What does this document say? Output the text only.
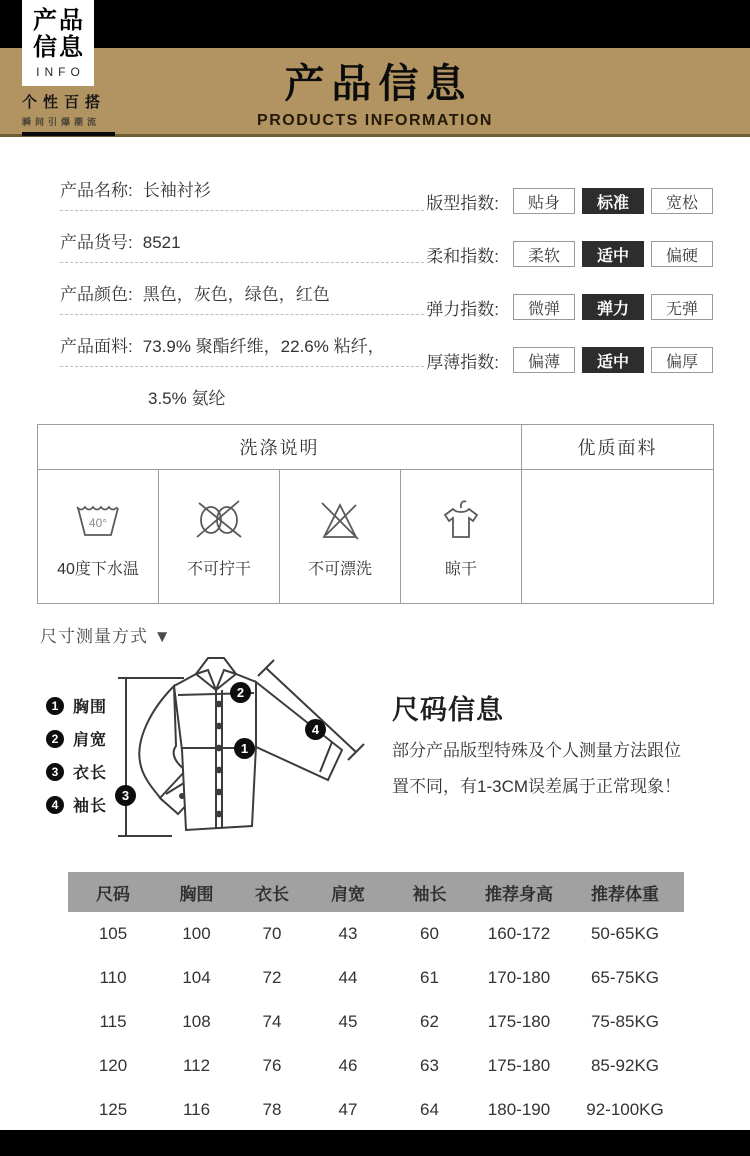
产品信息
PRODUCTS INFORMATION
产品
信息
INFO
个性百搭
瞬间引爆潮流
产品名称: 长袖衬衫
产品货号: 8521
产品颜色: 黑色，灰色，绿色，红色
产品面料: 73.9% 聚酯纤维，22.6% 粘纤，
3.5% 氨纶
版型指数:	贴身	标准	宽松
柔和指数:	柔软	适中	偏硬
弹力指数:	微弹	弹力	无弹
厚薄指数:	偏薄	适中	偏厚
洗涤说明				优质面料

40°
40度下水温	不可拧干	不可漂洗	晾干	
尺寸测量方式 ▼
1 胸围
2 肩宽
3 衣长
4 袖长
2
1
3
4
尺码信息
部分产品版型特殊及个人测量方法跟位
置不同，有1-3CM误差属于正常现象！
尺码	胸围	衣长	肩宽	袖长	推荐身高	推荐体重
105	100	70	43	60	160-172	50-65KG
110	104	72	44	61	170-180	65-75KG
115	108	74	45	62	175-180	75-85KG
120	112	76	46	63	175-180	85-92KG
125	116	78	47	64	180-190	92-100KG
